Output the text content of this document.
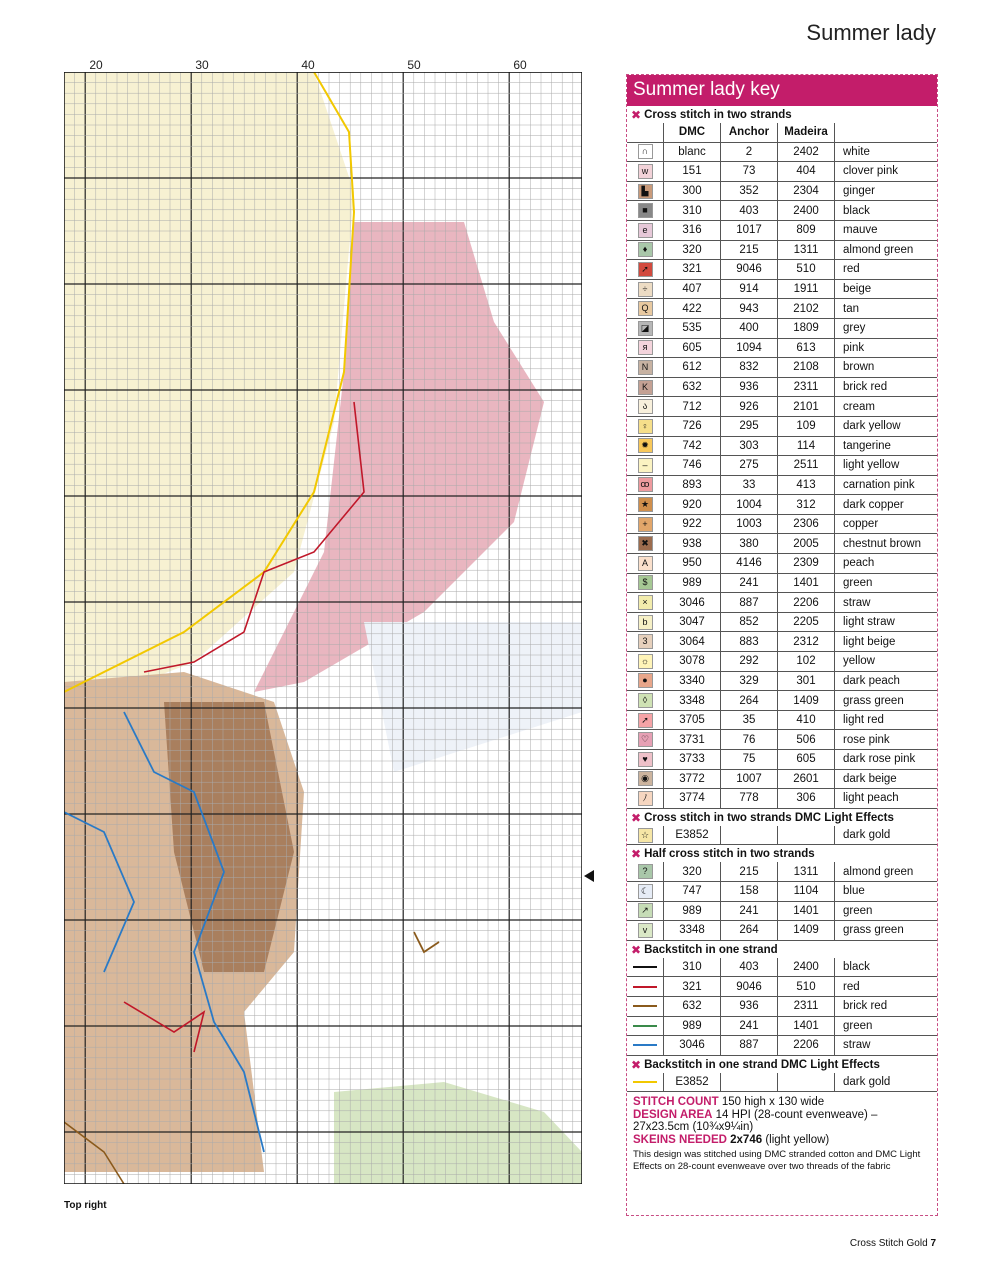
Summer lady
20	30	40	50	60
Top right
Summer lady key
✖ Cross stitch in two strands
	DMC	Anchor	Madeira	
∩	blanc	2	2402	white
w	151	73	404	clover pink
▙	300	352	2304	ginger
■	310	403	2400	black
e	316	1017	809	mauve
♦	320	215	1311	almond green
➚	321	9046	510	red
÷	407	914	1911	beige
Q	422	943	2102	tan
◪	535	400	1809	grey
я	605	1094	613	pink
N	612	832	2108	brown
K	632	936	2311	brick red
ა	712	926	2101	cream
♀	726	295	109	dark yellow
✹	742	303	114	tangerine
–	746	275	2511	light yellow
ꝏ	893	33	413	carnation pink
★	920	1004	312	dark copper
+	922	1003	2306	copper
✖	938	380	2005	chestnut brown
A	950	4146	2309	peach
$	989	241	1401	green
×	3046	887	2206	straw
b	3047	852	2205	light straw
3	3064	883	2312	light beige
☼	3078	292	102	yellow
●	3340	329	301	dark peach
◊	3348	264	1409	grass green
➚	3705	35	410	light red
♡	3731	76	506	rose pink
♥	3733	75	605	dark rose pink
◉	3772	1007	2601	dark beige
ﾉ	3774	778	306	light peach
✖ Cross stitch in two strands DMC Light Effects
☆	E3852			dark gold
✖ Half cross stitch in two strands
?	320	215	1311	almond green
☾	747	158	1104	blue
↗	989	241	1401	green
v	3348	264	1409	grass green
✖ Backstitch in one strand
	310	403	2400	black
	321	9046	510	red
	632	936	2311	brick red
	989	241	1401	green
	3046	887	2206	straw
✖ Backstitch in one strand DMC Light Effects
	E3852			dark gold

STITCH COUNT 150 high x 130 wide

DESIGN AREA 14 HPI (28-count evenweave) – 27x23.5cm (10¾x9¼in)

SKEINS NEEDED 2x746 (light yellow)

This design was stitched using DMC stranded cotton and DMC Light Effects on 28-count evenweave over two threads of the fabric

Cross Stitch Gold 7
